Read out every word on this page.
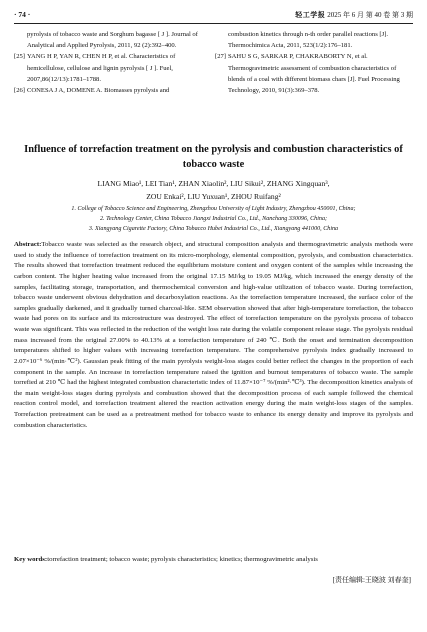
· 74 ·	轻工学报 2025 年 6 月 第 40 卷 第 3 期
pyrolysis of tobacco waste and Sorghum bagasse [ J ]. Journal of Analytical and Applied Pyrolysis, 2011, 92 (2):392–400.
[25] YANG H P, YAN R, CHEN H P, et al. Characteristics of hemicellulose, cellulose and lignin pyrolysis [ J ]. Fuel, 2007,86(12/13):1781–1788.
[26] CONESA J A, DOMENE A. Biomasses pyrolysis and
combustion kinetics through n-th order parallel reactions [J]. Thermochimica Acta, 2011, 523(1/2):176–181.
[27] SAHU S G, SARKAR P, CHAKRABORTY N, et al. Thermogravimetric assessment of combustion characteristics of blends of a coal with different biomass chars [J]. Fuel Processing Technology, 2010, 91(3):369–378.
Influence of torrefaction treatment on the pyrolysis and combustion characteristics of tobacco waste
LIANG Miao¹, LEI Tian¹, ZHAN Xiaolin², LIU Sikui², ZHANG Xingquan³,
ZOU Enkai², LIU Yuxuan¹, ZHOU Ruifang²
1. College of Tobacco Science and Engineering, Zhengzhou University of Light Industry, Zhengzhou 450001, China;
2. Technology Center, China Tobacco Jiangxi Industrial Co., Ltd., Nanchang 330096, China;
3. Xiangyang Cigarette Factory, China Tobacco Hubei Industrial Co., Ltd., Xiangyang 441000, China
Abstract:Tobacco waste was selected as the research object, and structural composition analysis and thermogravimetric analysis methods were used to study the influence of torrefaction treatment on its micro-morphology, elemental composition, pyrolysis, and combustion characteristics. The results showed that torrefaction treatment reduced the equilibrium moisture content and oxygen content of the samples while increasing the carbon content. The higher heating value increased from the original 17.15 MJ/kg to 19.05 MJ/kg, which increased the energy density of the samples, facilitating storage, transportation, and thermochemical conversion and high-value utilization of tobacco waste. During torrefaction, tobacco waste underwent obvious dehydration and decarboxylation reactions. As the torrefaction temperature increased, the surface color of the samples gradually darkened, and it gradually turned charcoal-like. SEM observation showed that after high-temperature torrefaction, the tobacco waste had pores on its surface and its microstructure was destroyed. The effect of torrefaction temperature on the pyrolysis process of tobacco waste was significant. This was reflected in the reduction of the weight loss rate during the volatile component release stage. The pyrolysis residual mass increased from the original 27.00% to 40.13% at a torrefaction temperature of 240 ℃. Both the onset and termination decomposition temperatures shifted to higher values with increasing torrefaction temperature. The comprehensive pyrolysis index gradually increased to 2.07×10⁻⁶ %/(min·℃²). Gaussian peak fitting of the main pyrolysis weight-loss stages could better reflect the changes in the proportion of each component in the sample. An increase in torrefaction temperature raised the ignition and burnout temperatures of tobacco waste. The sample torrefied at 210 ℃ had the highest integrated combustion characteristic index of 11.87×10⁻⁷ %/(min²·℃³). The decomposition kinetics analysis of the main weight-loss stages during pyrolysis and combustion showed that the decomposition process of each sample followed the chemical reaction control model, and torrefaction treatment altered the reaction activation energy during the main weight-loss stages of the samples. Torrefaction pretreatment can be used as a pretreatment method for tobacco waste to enhance its energy density and improve its pyrolysis and combustion characteristics.
Key words:torrefaction treatment; tobacco waste; pyrolysis characteristics; kinetics; thermogravimetric analysis
[责任编辑:王晓波 刘春奎]
